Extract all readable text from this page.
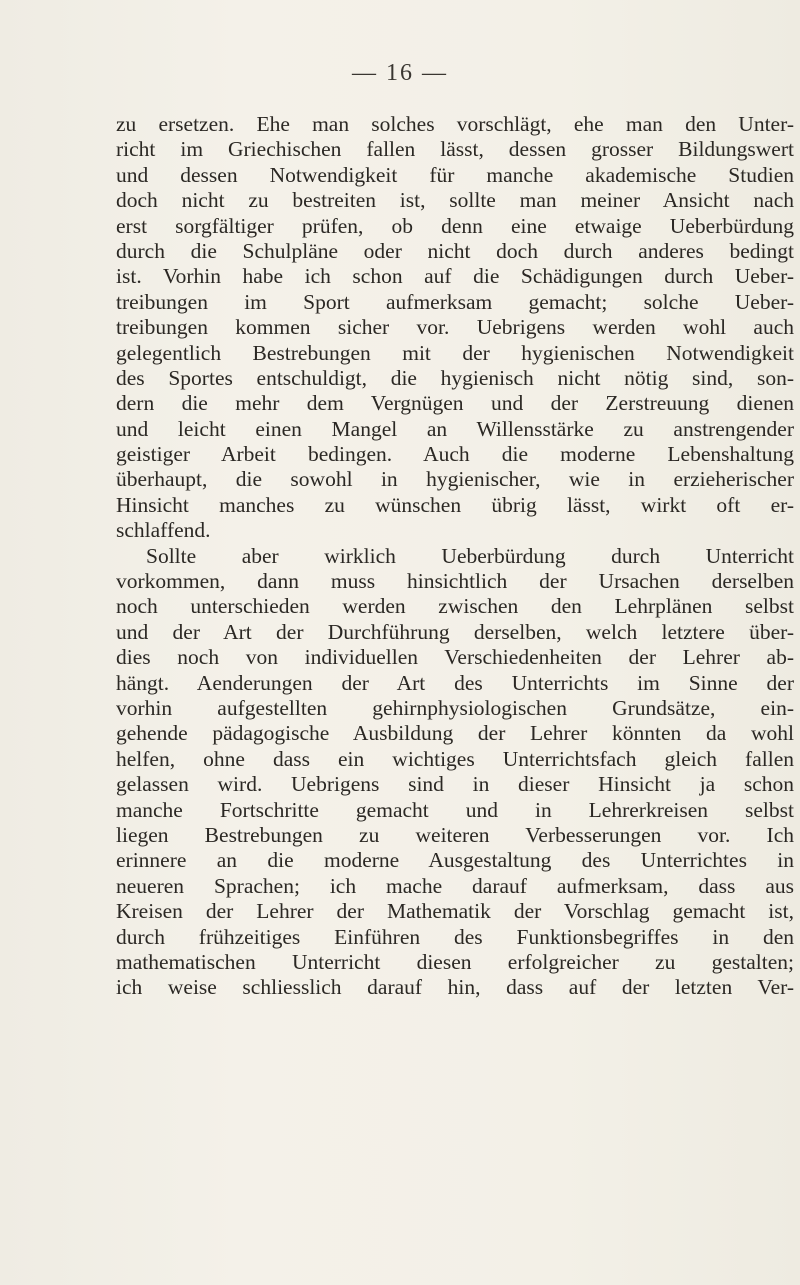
— 16 —
zu ersetzen. Ehe man solches vorschlägt, ehe man den Unter-
richt im Griechischen fallen lässt, dessen grosser Bildungswert
und dessen Notwendigkeit für manche akademische Studien
doch nicht zu bestreiten ist, sollte man meiner Ansicht nach
erst sorgfältiger prüfen, ob denn eine etwaige Ueberbürdung
durch die Schulpläne oder nicht doch durch anderes bedingt
ist. Vorhin habe ich schon auf die Schädigungen durch Ueber-
treibungen im Sport aufmerksam gemacht; solche Ueber-
treibungen kommen sicher vor. Uebrigens werden wohl auch
gelegentlich Bestrebungen mit der hygienischen Notwendigkeit
des Sportes entschuldigt, die hygienisch nicht nötig sind, son-
dern die mehr dem Vergnügen und der Zerstreuung dienen
und leicht einen Mangel an Willensstärke zu anstrengender
geistiger Arbeit bedingen. Auch die moderne Lebenshaltung
überhaupt, die sowohl in hygienischer, wie in erzieherischer
Hinsicht manches zu wünschen übrig lässt, wirkt oft er-
schlaffend.
Sollte aber wirklich Ueberbürdung durch Unterricht
vorkommen, dann muss hinsichtlich der Ursachen derselben
noch unterschieden werden zwischen den Lehrplänen selbst
und der Art der Durchführung derselben, welch letztere über-
dies noch von individuellen Verschiedenheiten der Lehrer ab-
hängt. Aenderungen der Art des Unterrichts im Sinne der
vorhin aufgestellten gehirnphysiologischen Grundsätze, ein-
gehende pädagogische Ausbildung der Lehrer könnten da wohl
helfen, ohne dass ein wichtiges Unterrichtsfach gleich fallen
gelassen wird. Uebrigens sind in dieser Hinsicht ja schon
manche Fortschritte gemacht und in Lehrerkreisen selbst
liegen Bestrebungen zu weiteren Verbesserungen vor. Ich
erinnere an die moderne Ausgestaltung des Unterrichtes in
neueren Sprachen; ich mache darauf aufmerksam, dass aus
Kreisen der Lehrer der Mathematik der Vorschlag gemacht ist,
durch frühzeitiges Einführen des Funktionsbegriffes in den
mathematischen Unterricht diesen erfolgreicher zu gestalten;
ich weise schliesslich darauf hin, dass auf der letzten Ver-
